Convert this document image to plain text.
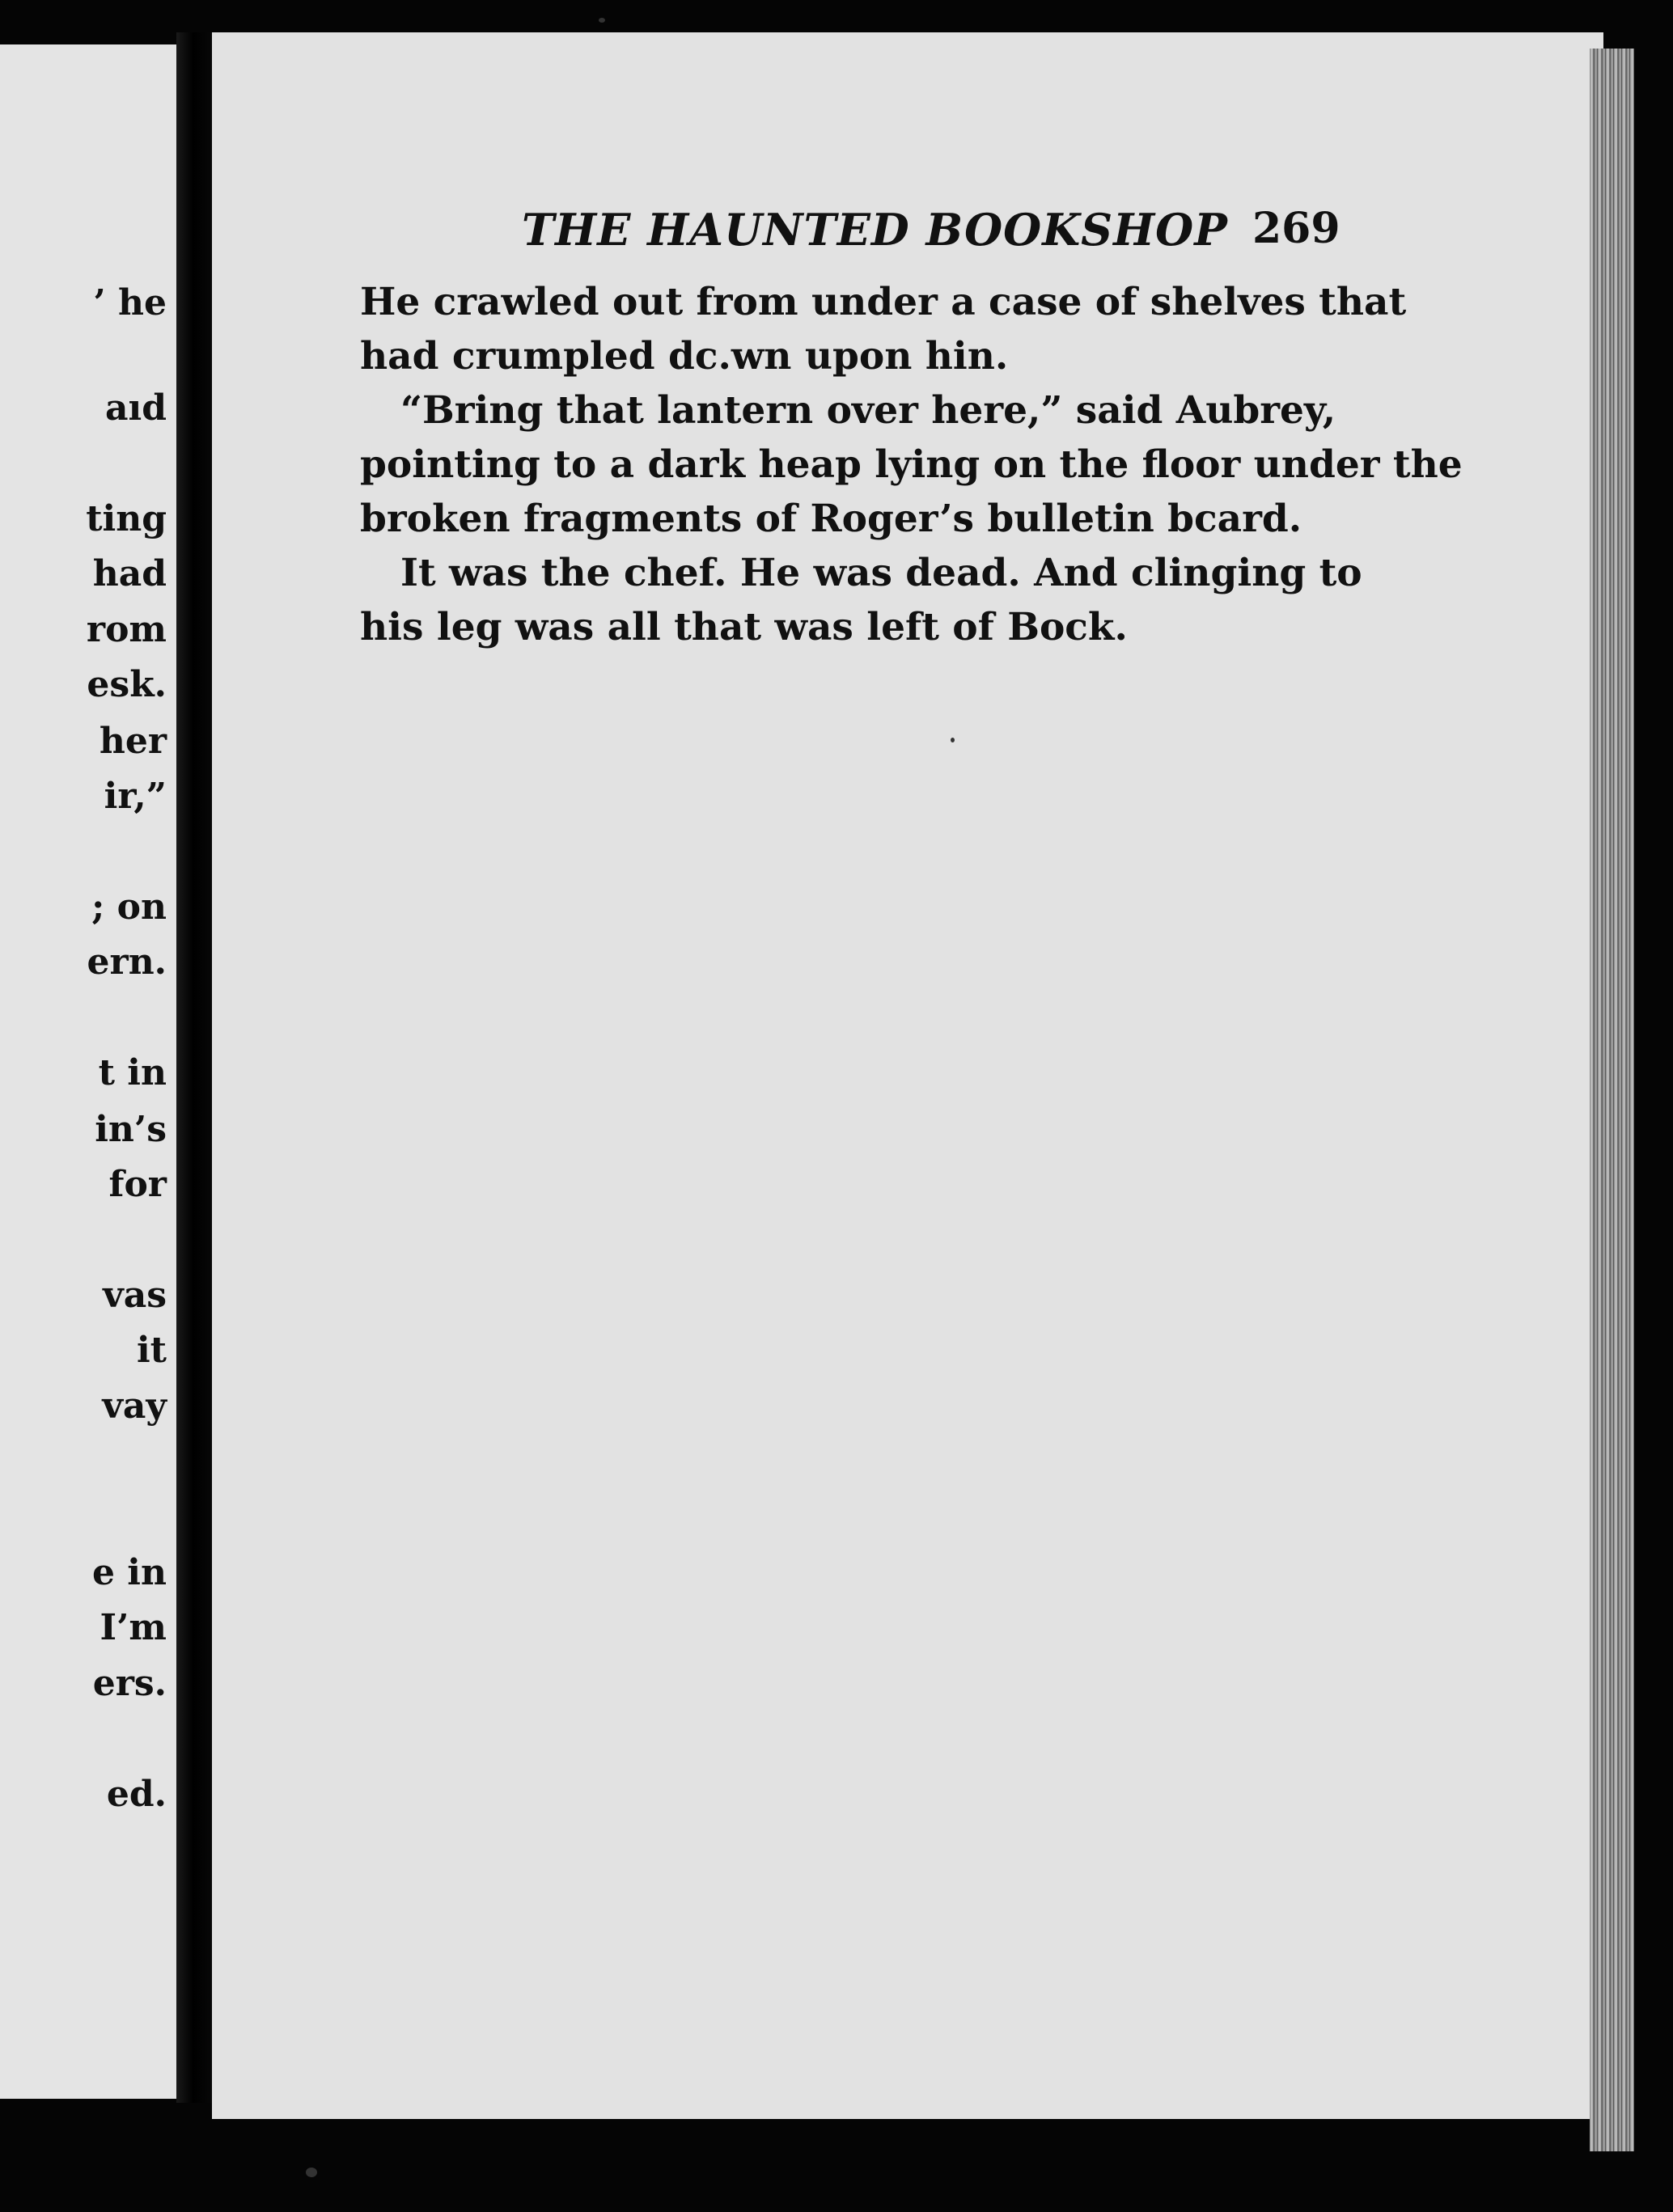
’ he
aıd
ting
had
rom
esk.
her
ir,”
; on
ern.
t in
in’s
for
vas
it
vay
e in
I’m
ers.
ed.
THE HAUNTED BOOKSHOP 269
He crawled out from under a case of shelves that
had crumpled dc.wn upon hin.
“Bring that lantern over here,” said Aubrey,
pointing to a dark heap lying on the floor under the
broken fragments of Roger’s bulletin bcard.
It was the chef. He was dead. And clinging to
his leg was all that was left of Bock.
